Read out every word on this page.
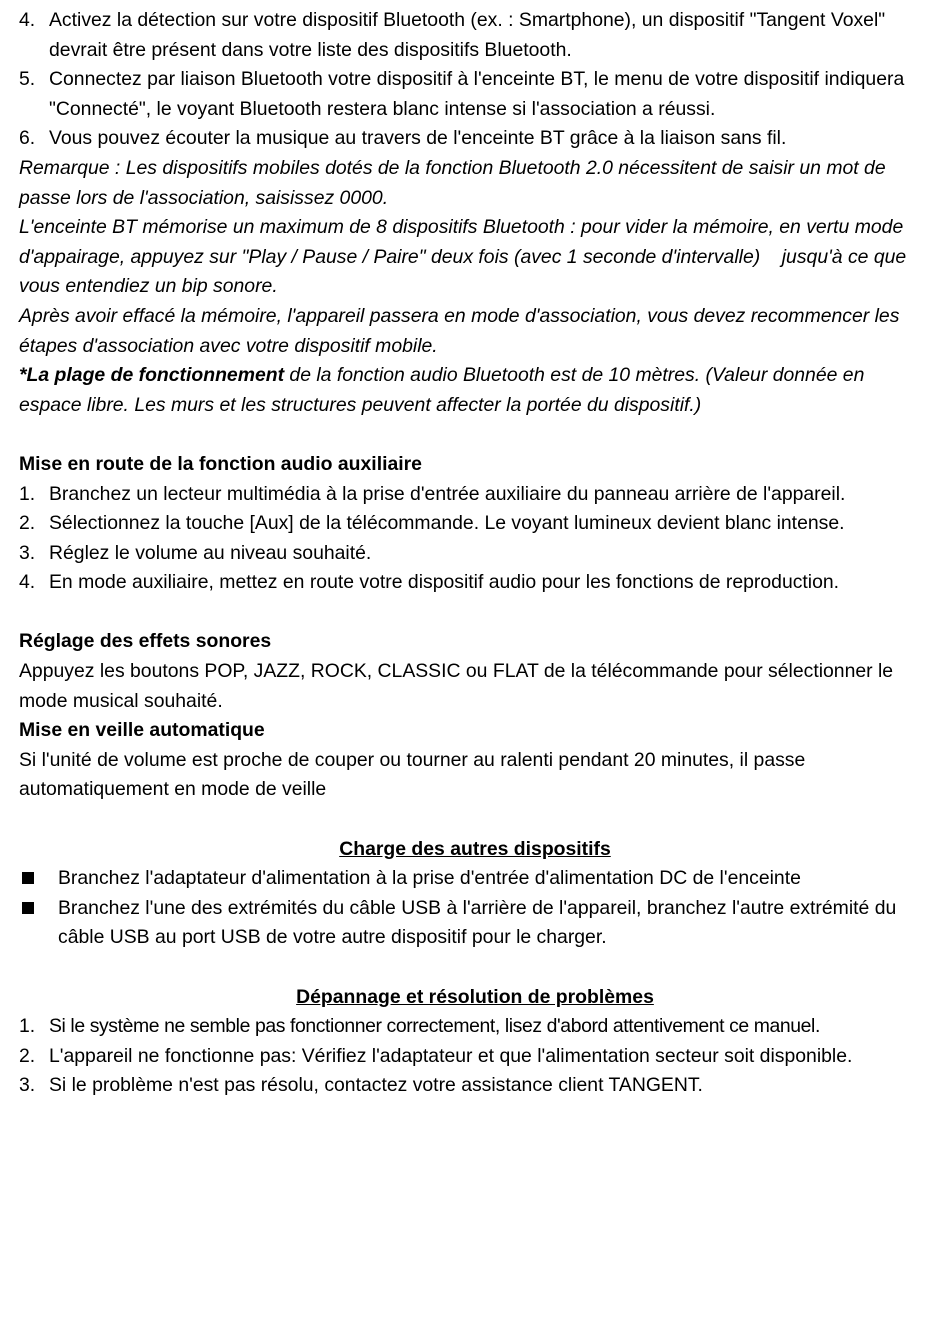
4. Activez la détection sur votre dispositif Bluetooth (ex. : Smartphone), un dispositif "Tangent Voxel" devrait être présent dans votre liste des dispositifs Bluetooth.
5. Connectez par liaison Bluetooth votre dispositif à l'enceinte BT, le menu de votre dispositif indiquera "Connecté", le voyant Bluetooth restera blanc intense si l'association a réussi.
6. Vous pouvez écouter la musique au travers de l'enceinte BT grâce à la liaison sans fil.
Remarque : Les dispositifs mobiles dotés de la fonction Bluetooth 2.0 nécessitent de saisir un mot de passe lors de l'association, saisissez 0000.
L'enceinte BT mémorise un maximum de 8 dispositifs Bluetooth : pour vider la mémoire, en vertu mode d'appairage, appuyez sur "Play / Pause / Paire" deux fois (avec 1 seconde d'intervalle)    jusqu'à ce que vous entendiez un bip sonore.
Après avoir effacé la mémoire, l'appareil passera en mode d'association, vous devez recommencer les étapes d'association avec votre dispositif mobile.
*La plage de fonctionnement de la fonction audio Bluetooth est de 10 mètres. (Valeur donnée en espace libre. Les murs et les structures peuvent affecter la portée du dispositif.)
Mise en route de la fonction audio auxiliaire
1. Branchez un lecteur multimédia à la prise d'entrée auxiliaire du panneau arrière de l'appareil.
2. Sélectionnez la touche [Aux] de la télécommande. Le voyant lumineux devient blanc intense.
3. Réglez le volume au niveau souhaité.
4. En mode auxiliaire, mettez en route votre dispositif audio pour les fonctions de reproduction.
Réglage des effets sonores
Appuyez les boutons POP, JAZZ, ROCK, CLASSIC ou FLAT de la télécommande pour sélectionner le mode musical souhaité.
Mise en veille automatique
Si l'unité de volume est proche de couper ou tourner au ralenti pendant 20 minutes, il passe automatiquement en mode de veille
Charge des autres dispositifs
Branchez l'adaptateur d'alimentation à la prise d'entrée d'alimentation DC de l'enceinte
Branchez l'une des extrémités du câble USB à l'arrière de l'appareil, branchez l'autre extrémité du câble USB au port USB de votre autre dispositif pour le charger.
Dépannage et résolution de problèmes
1. Si le système ne semble pas fonctionner correctement, lisez d'abord attentivement ce manuel.
2. L'appareil ne fonctionne pas: Vérifiez l'adaptateur et que l'alimentation secteur soit disponible.
3. Si le problème n'est pas résolu, contactez votre assistance client TANGENT.
